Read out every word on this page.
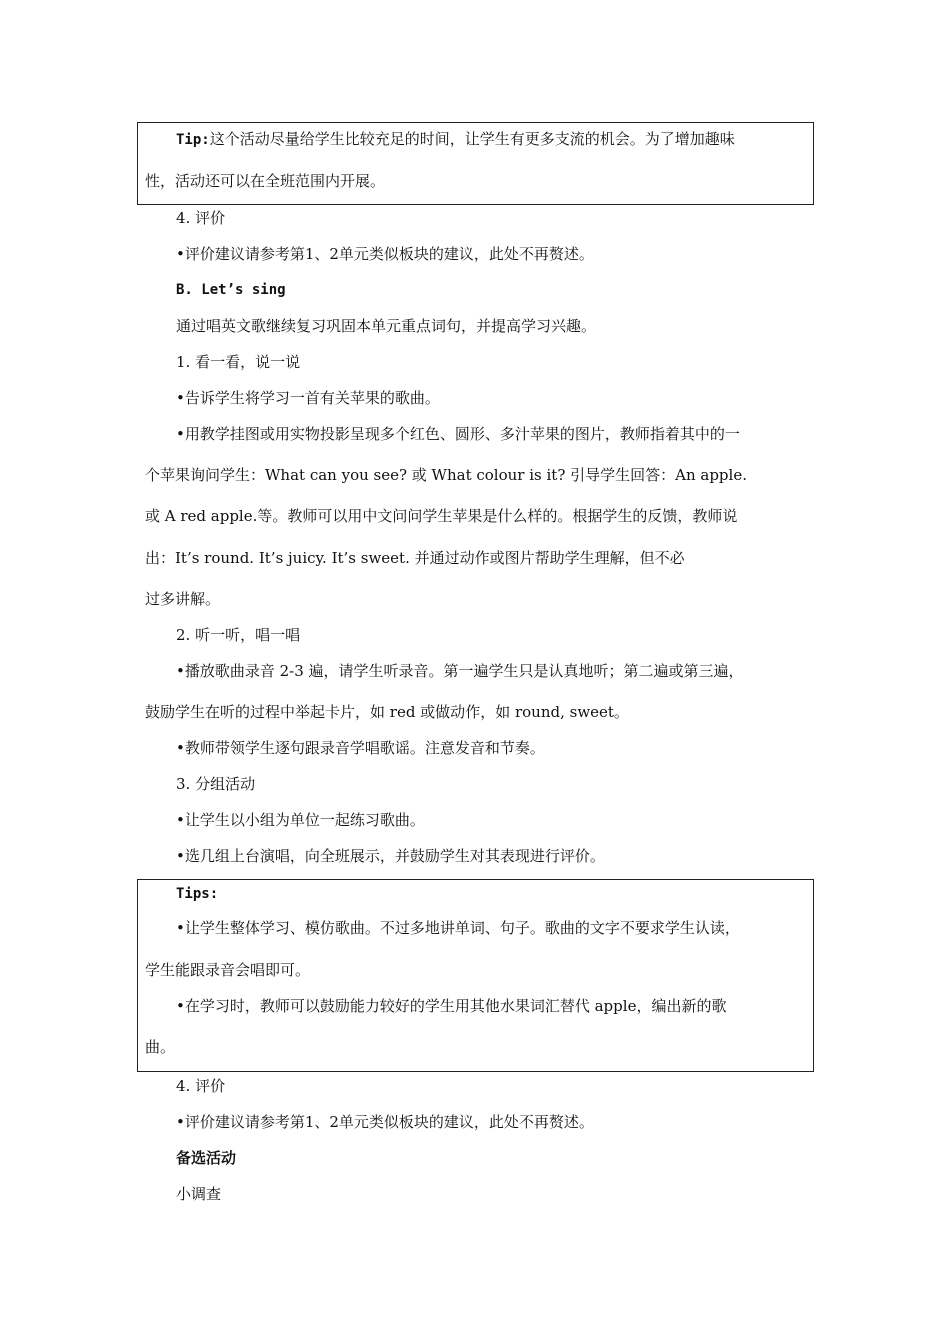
Tip:这个活动尽量给学生比较充足的时间，让学生有更多支流的机会。为了增加趣味
性，活动还可以在全班范围内开展。
4. 评价
•评价建议请参考第1、2单元类似板块的建议，此处不再赘述。
B. Let’s sing
通过唱英文歌继续复习巩固本单元重点词句，并提高学习兴趣。
1. 看一看，说一说
•告诉学生将学习一首有关苹果的歌曲。
•用教学挂图或用实物投影呈现多个红色、圆形、多汁苹果的图片，教师指着其中的一
个苹果询问学生：What can you see? 或 What colour is it? 引导学生回答：An apple.
或 A red apple.等。教师可以用中文问问学生苹果是什么样的。根据学生的反馈，教师说
出：It’s round. It’s juicy. It’s sweet. 并通过动作或图片帮助学生理解，但不必
过多讲解。
2. 听一听，唱一唱
•播放歌曲录音 2-3 遍，请学生听录音。第一遍学生只是认真地听；第二遍或第三遍，
鼓励学生在听的过程中举起卡片，如 red 或做动作，如 round, sweet。
•教师带领学生逐句跟录音学唱歌谣。注意发音和节奏。
3. 分组活动
•让学生以小组为单位一起练习歌曲。
•选几组上台演唱，向全班展示，并鼓励学生对其表现进行评价。
Tips:
•让学生整体学习、模仿歌曲。不过多地讲单词、句子。歌曲的文字不要求学生认读，
学生能跟录音会唱即可。
•在学习时，教师可以鼓励能力较好的学生用其他水果词汇替代 apple，编出新的歌
曲。
4. 评价
•评价建议请参考第1、2单元类似板块的建议，此处不再赘述。
备选活动
小调查
